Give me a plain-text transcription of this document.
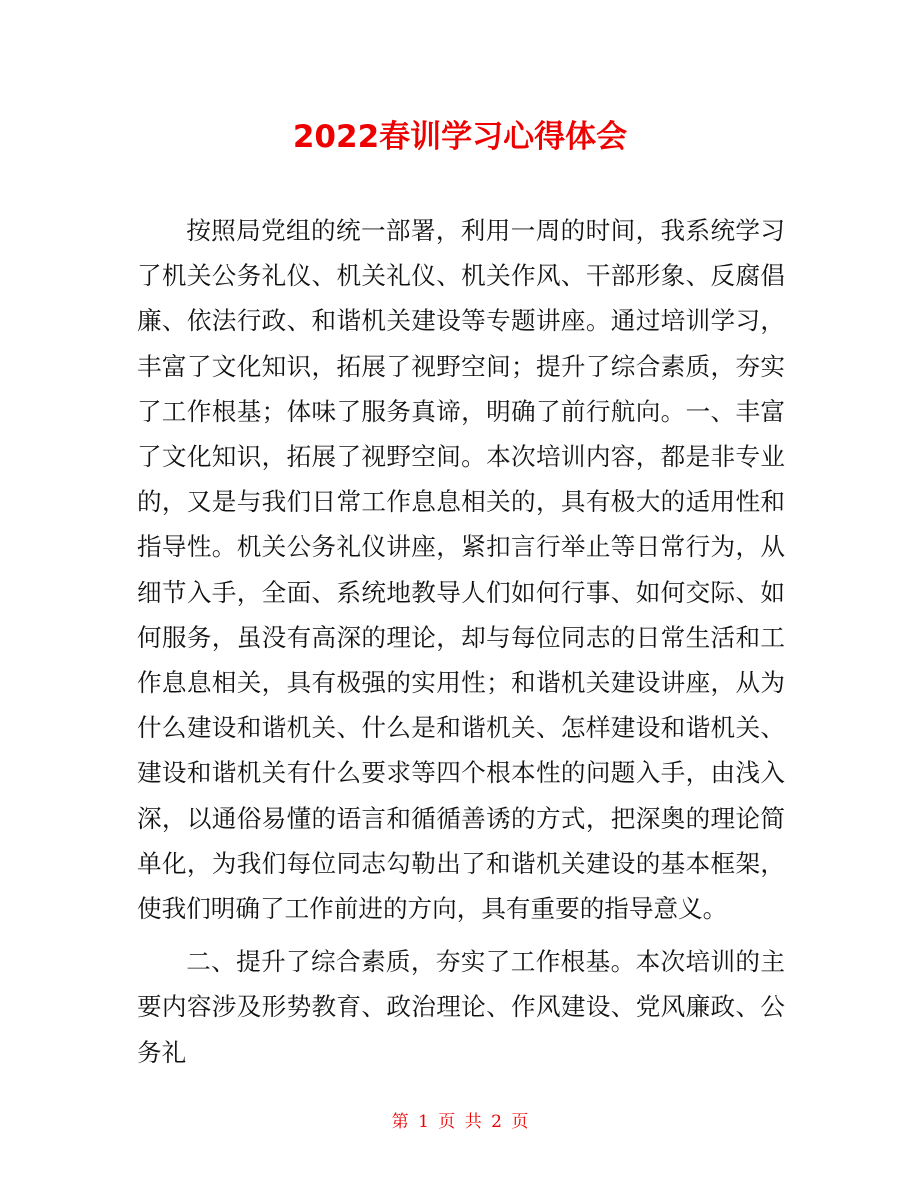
2022春训学习心得体会

按照局党组的统一部署，利用一周的时间，我系统学习了机关公务礼仪、机关礼仪、机关作风、干部形象、反腐倡廉、依法行政、和谐机关建设等专题讲座。通过培训学习，丰富了文化知识，拓展了视野空间；提升了综合素质，夯实了工作根基；体味了服务真谛，明确了前行航向。一、丰富了文化知识，拓展了视野空间。本次培训内容，都是非专业的，又是与我们日常工作息息相关的，具有极大的适用性和指导性。机关公务礼仪讲座，紧扣言行举止等日常行为，从细节入手，全面、系统地教导人们如何行事、如何交际、如何服务，虽没有高深的理论，却与每位同志的日常生活和工作息息相关，具有极强的实用性；和谐机关建设讲座，从为什么建设和谐机关、什么是和谐机关、怎样建设和谐机关、建设和谐机关有什么要求等四个根本性的问题入手，由浅入深，以通俗易懂的语言和循循善诱的方式，把深奥的理论简单化，为我们每位同志勾勒出了和谐机关建设的基本框架，使我们明确了工作前进的方向，具有重要的指导意义。

二、提升了综合素质，夯实了工作根基。本次培训的主要内容涉及形势教育、政治理论、作风建设、党风廉政、公务礼

第 1 页 共 2 页
